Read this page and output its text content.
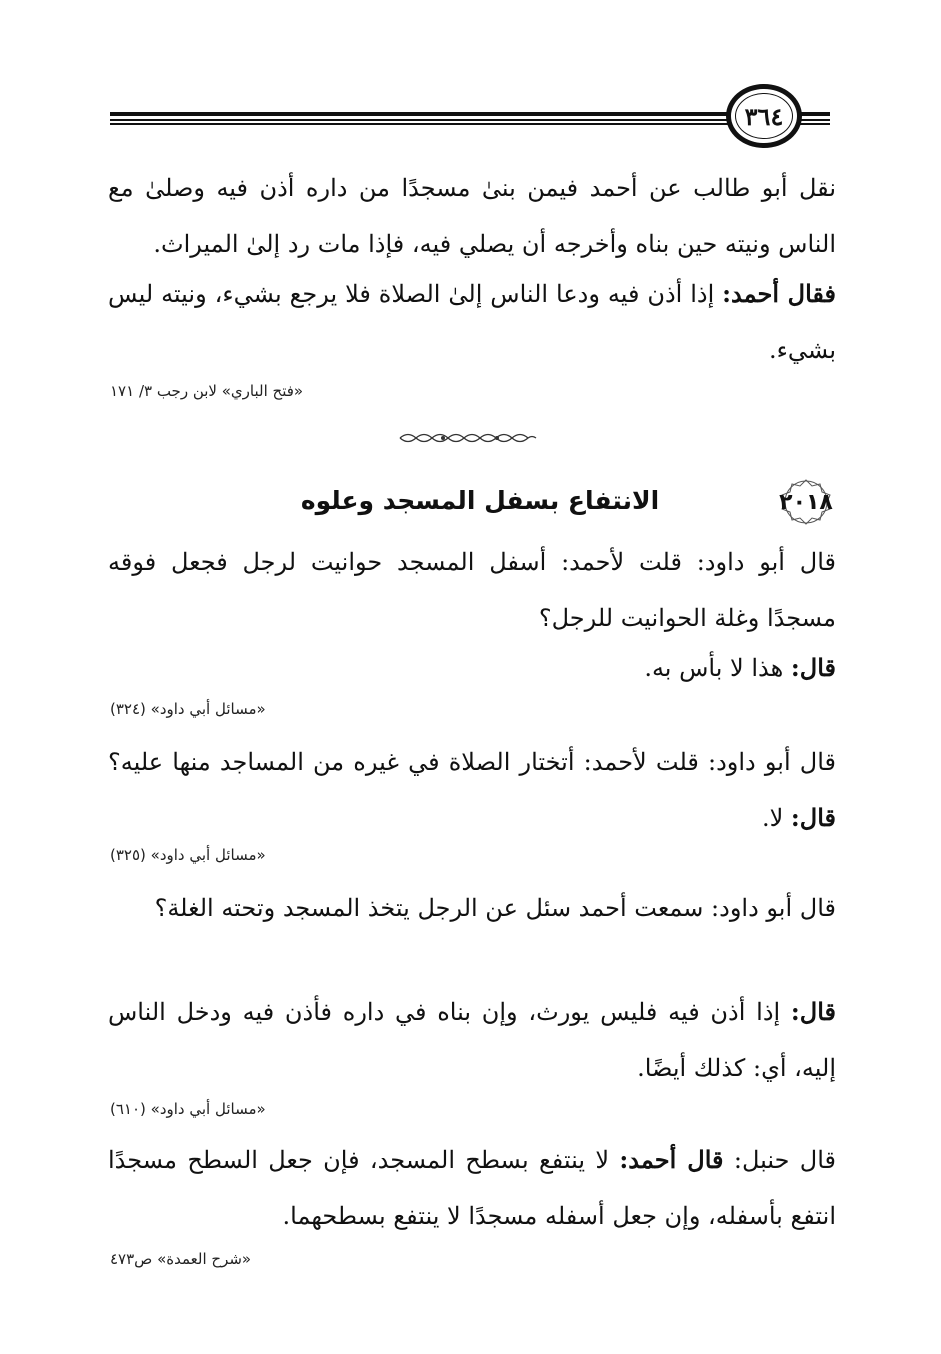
٣٦٤
نقل أبو طالب عن أحمد فيمن بنىٰ مسجدًا من داره أذن فيه وصلىٰ مع الناس ونيته حين بناه وأخرجه أن يصلي فيه، فإذا مات رد إلىٰ الميراث.
فقال أحمد: إذا أذن فيه ودعا الناس إلىٰ الصلاة فلا يرجع بشيء، ونيته ليس بشيء.
«فتح الباري» لابن رجب ٣/ ١٧١
٢٠١٨
الانتفاع بسفل المسجد وعلوه
قال أبو داود: قلت لأحمد: أسفل المسجد حوانيت لرجل فجعل فوقه مسجدًا وغلة الحوانيت للرجل؟
قال: هذا لا بأس به.
«مسائل أبي داود» (٣٢٤)
قال أبو داود: قلت لأحمد: أتختار الصلاة في غيره من المساجد منها عليه؟ قال: لا.
«مسائل أبي داود» (٣٢٥)
قال أبو داود: سمعت أحمد سئل عن الرجل يتخذ المسجد وتحته الغلة؟
قال: إذا أذن فيه فليس يورث، وإن بناه في داره فأذن فيه ودخل الناس إليه، أي: كذلك أيضًا.
«مسائل أبي داود» (٦١٠)
قال حنبل: قال أحمد: لا ينتفع بسطح المسجد، فإن جعل السطح مسجدًا انتفع بأسفله، وإن جعل أسفله مسجدًا لا ينتفع بسطحهما.
«شرح العمدة» ص٤٧٣
